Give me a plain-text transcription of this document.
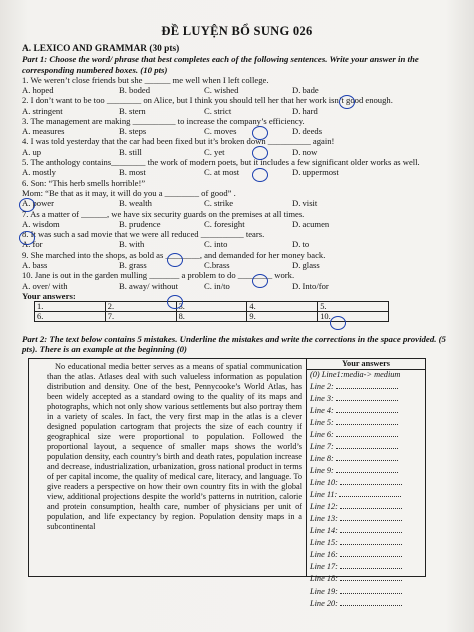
ĐỀ LUYỆN BỔ SUNG 026
A. LEXICO AND GRAMMAR (30 pts)
Part 1: Choose the word/ phrase that best completes each of the following sentences. Write your answer in the corresponding numbered boxes. (10 pts)
1. We weren’t close friends but she ______ me well when I left college.
A. hoped	B. boded	C. wished	D. bade
2. I don’t want to be too ________ on Alice, but I think you should tell her that her work isn’t good enough.
A. stringent	B. stern	C. strict	D. hard
3. The management are making __________ to increase the company’s efficiency.
A. measures	B. steps	C. moves	D. deeds
4. I was told yesterday that the car had been fixed but it’s broken down __________ again!
A. up	B. still	C. yet	D. now
5. The anthology contains________ the work of modern poets, but it includes a few significant older works as well.
A. mostly	B. most	C. at most	D. uppermost
6. Son: “This herb smells horrible!”
Mom: “Be that as it may, it will do you a ________ of good” .
A. power	B. wealth	C. strike	D. visit
7. As a matter of ______, we have six security guards on the premises at all times.
A. wisdom	B. prudence	C. foresight	D. acumen
8. It was such a sad movie that we were all reduced __________ tears.
A. for	B. with	C. into	D. to
9. She marched into the shops, as bold as ________, and demanded for her money back.
A. bass	B. grass	C.brass	D. glass
10. Jane is out in the garden mulling _______ a problem to do ________ work.
A. over/ with	B. away/ without	C. in/to	D. Into/for
Your answers:
1.	2.	3.	4.	5.
6.	7.	8.	9.	10.
Part 2: The text below contains 5 mistakes. Underline the mistakes and write the corrections in the space provided. (5 pts). There is an example at the beginning (0)

No educational media better serves as a means of spatial communication than the atlas. Atlases deal with such valueless information as population distribution and density. One of the best, Pennycooke’s World Atlas, has been widely accepted as a standard owing to the quality of its maps and photographs, which not only show various settlements but also portray them in a variety of scales. In fact, the very first map in the atlas is a clever designed population cartogram that projects the size of each country if geographical size were proportional to population. Followed the proportional layout, a sequence of smaller maps shows the world’s population density, each country’s birth and death rates, population increase and decrease, industrialization, urbanization, gross national product in terms of per capital income, the quality of medical care, literacy, and language. To give readers a perspective on how their own country fits in with the global view, additional projections despite the world’s patterns in nutrition, calorie and protein consumption, health care, number of physicians per unit of population, and life expectancy by region. Population density maps in a subcontinental

Your answers
(0) Line1:media-> medium
Line 2:
Line 3:
Line 4:
Line 5:
Line 6:
Line 7:
Line 8:
Line 9:
Line 10:
Line 11:
Line 12:
Line 13:
Line 14:
Line 15:
Line 16:
Line 17:
Line 18:
Line 19:
Line 20:
